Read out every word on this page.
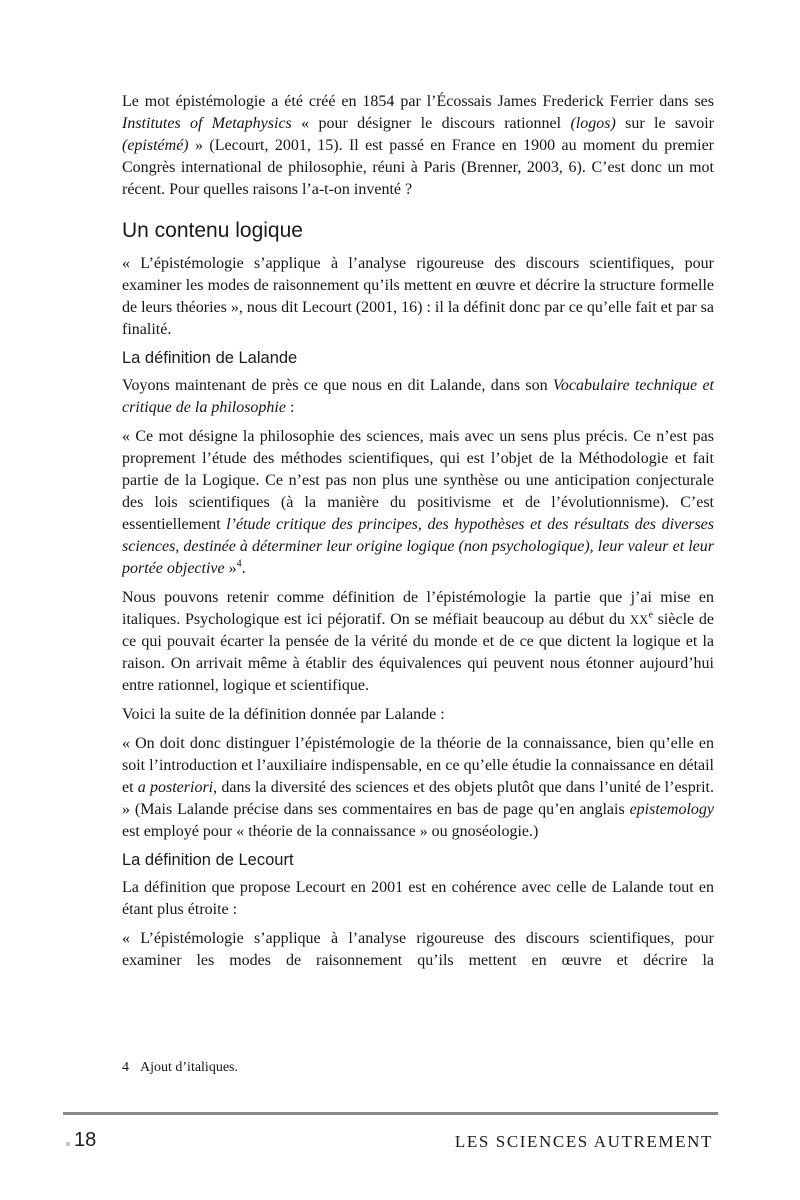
Le mot épistémologie a été créé en 1854 par l’Écossais James Frederick Ferrier dans ses Institutes of Metaphysics « pour désigner le discours rationnel (logos) sur le savoir (epistémé) » (Lecourt, 2001, 15). Il est passé en France en 1900 au moment du premier Congrès international de philosophie, réuni à Paris (Brenner, 2003, 6). C’est donc un mot récent. Pour quelles raisons l’a-t-on inventé ?

Un contenu logique

« L’épistémologie s’applique à l’analyse rigoureuse des discours scientifiques, pour examiner les modes de raisonnement qu’ils mettent en œuvre et décrire la structure formelle de leurs théories », nous dit Lecourt (2001, 16) : il la définit donc par ce qu’elle fait et par sa finalité.

La définition de Lalande

Voyons maintenant de près ce que nous en dit Lalande, dans son Vocabulaire technique et critique de la philosophie :

« Ce mot désigne la philosophie des sciences, mais avec un sens plus précis. Ce n’est pas proprement l’étude des méthodes scientifiques, qui est l’objet de la Méthodologie et fait partie de la Logique. Ce n’est pas non plus une synthèse ou une anticipation conjecturale des lois scientifiques (à la manière du positivisme et de l’évolutionnisme). C’est essentiellement l’étude critique des principes, des hypothèses et des résultats des diverses sciences, destinée à déterminer leur origine logique (non psychologique), leur valeur et leur portée objective »$^4$.

Nous pouvons retenir comme définition de l’épistémologie la partie que j’ai mise en italiques. Psychologique est ici péjoratif. On se méfiait beaucoup au début du XXe siècle de ce qui pouvait écarter la pensée de la vérité du monde et de ce que dictent la logique et la raison. On arrivait même à établir des équivalences qui peuvent nous étonner aujourd’hui entre rationnel, logique et scientifique.

Voici la suite de la définition donnée par Lalande :

« On doit donc distinguer l’épistémologie de la théorie de la connaissance, bien qu’elle en soit l’introduction et l’auxiliaire indispensable, en ce qu’elle étudie la connaissance en détail et a posteriori, dans la diversité des sciences et des objets plutôt que dans l’unité de l’esprit. » (Mais Lalande précise dans ses commentaires en bas de page qu’en anglais epistemology est employé pour « théorie de la connaissance » ou gnoséologie.)

La définition de Lecourt

La définition que propose Lecourt en 2001 est en cohérence avec celle de Lalande tout en étant plus étroite :

« L’épistémologie s’applique à l’analyse rigoureuse des discours scientifiques, pour examiner les modes de raisonnement qu’ils mettent en œuvre et décrire la

4 Ajout d’italiques.
18	LES SCIENCES AUTREMENT
